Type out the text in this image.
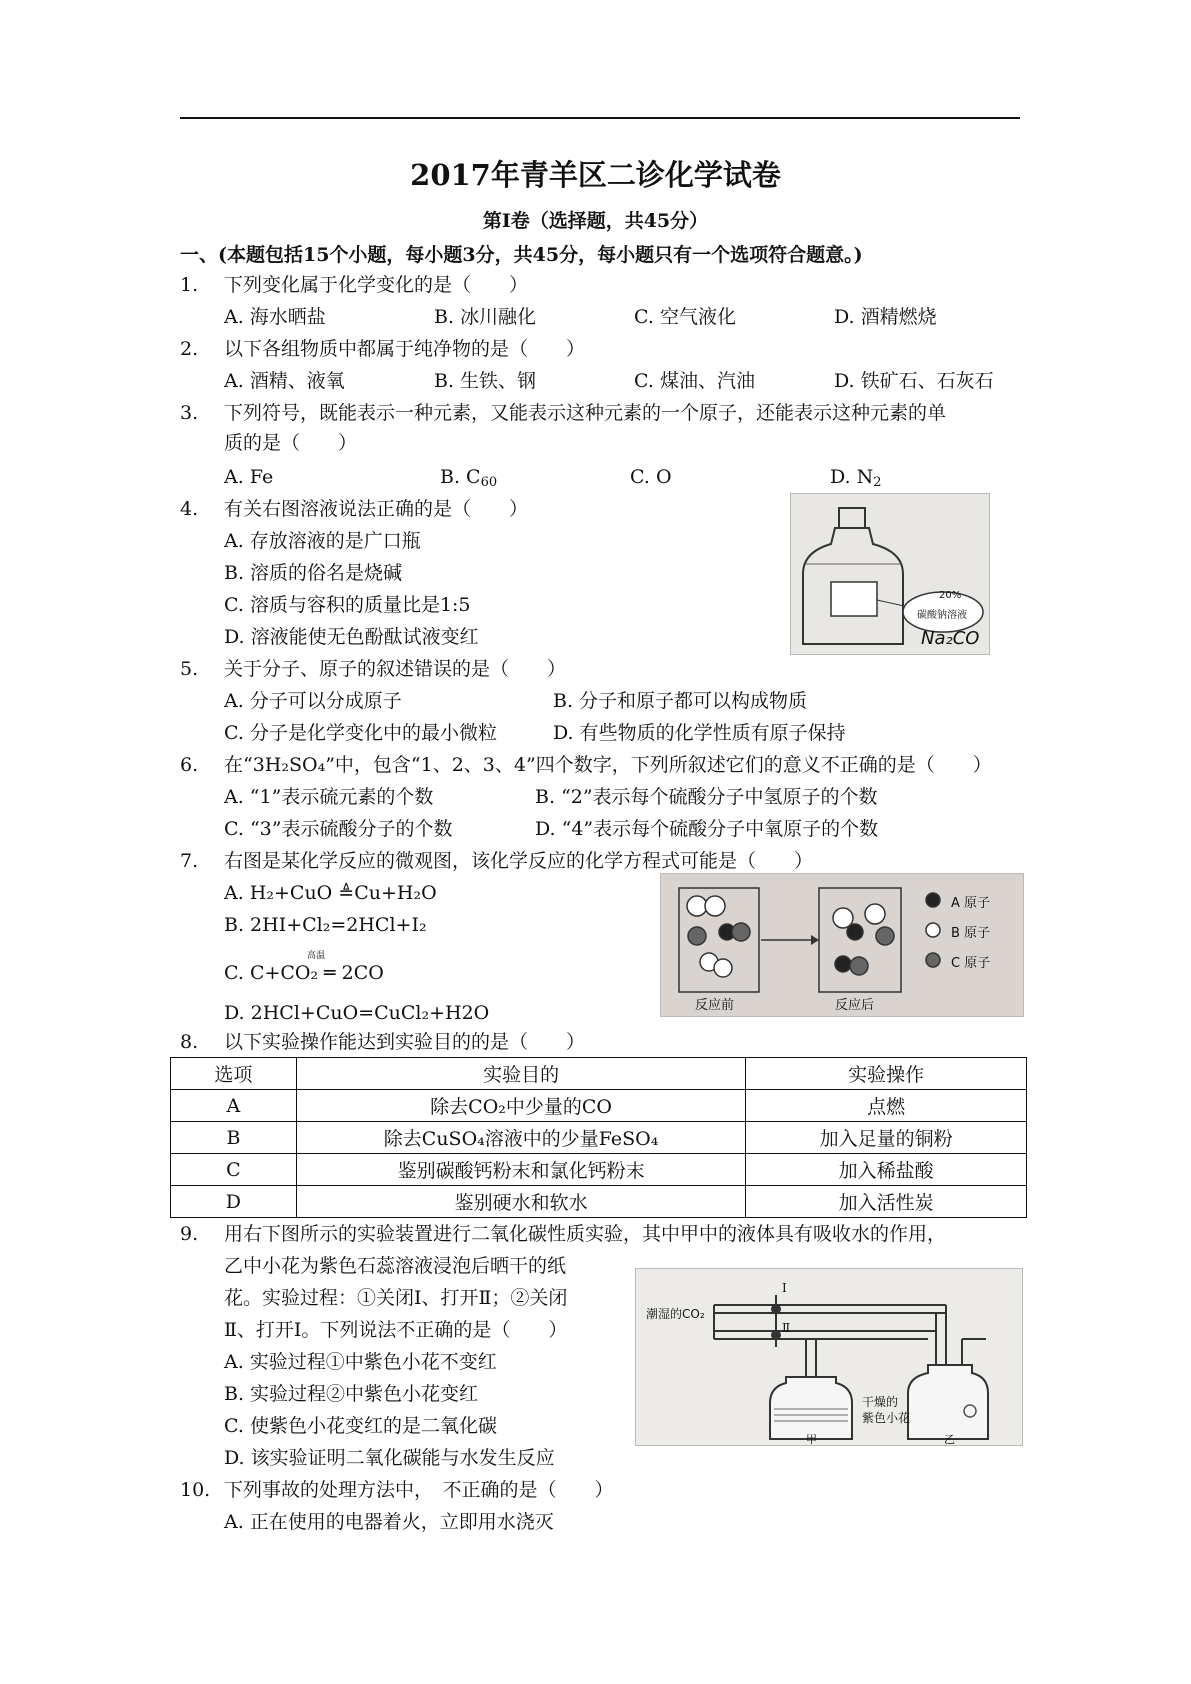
2017年青羊区二诊化学试卷
第Ⅰ卷（选择题，共45分）
一、(本题包括15个小题，每小题3分，共45分，每小题只有一个选项符合题意。)
1. 下列变化属于化学变化的是（　　）
A. 海水晒盐	B. 冰川融化	C. 空气液化	D. 酒精燃烧
2. 以下各组物质中都属于纯净物的是（　　）
A. 酒精、液氧	B. 生铁、钢	C. 煤油、汽油	D. 铁矿石、石灰石
3. 下列符号，既能表示一种元素，又能表示这种元素的一个原子，还能表示这种元素的单
质的是（　　）
A. Fe	B. $C_{60}$	C. O	D. $N_2$
4. 有关右图溶液说法正确的是（　　）
A. 存放溶液的是广口瓶
B. 溶质的俗名是烧碱
C. 溶质与容积的质量比是1:5
D. 溶液能使无色酚酞试液变红
20%
碳酸钠溶液
Na₂CO
5. 关于分子、原子的叙述错误的是（　　）
A. 分子可以分成原子	B. 分子和原子都可以构成物质
C. 分子是化学变化中的最小微粒	D. 有些物质的化学性质有原子保持
6. 在“3H₂SO₄”中，包含“1、2、3、4”四个数字，下列所叙述它们的意义不正确的是（　　）
A. “1”表示硫元素的个数	B. “2”表示每个硫酸分子中氢原子的个数
C. “3”表示硫酸分子的个数	D. “4”表示每个硫酸分子中氧原子的个数
7. 右图是某化学反应的微观图，该化学反应的化学方程式可能是（　　）
A. H₂+CuO ≜Cu+H₂O
B. 2HI+Cl₂=2HCl+I₂
高温
C. C+CO₂ ═ 2CO
D. 2HCl+CuO=CuCl₂+H2O
A 原子
B 原子
C 原子
反应前	反应后
8. 以下实验操作能达到实验目的的是（　　）
选项	实验目的	实验操作
A	除去CO₂中少量的CO	点燃
B	除去CuSO₄溶液中的少量FeSO₄	加入足量的铜粉
C	鉴别碳酸钙粉末和氯化钙粉末	加入稀盐酸
D	鉴别硬水和软水	加入活性炭
9. 用右下图所示的实验装置进行二氧化碳性质实验，其中甲中的液体具有吸收水的作用，
乙中小花为紫色石蕊溶液浸泡后晒干的纸
花。实验过程：①关闭Ⅰ、打开Ⅱ；②关闭
Ⅱ、打开Ⅰ。下列说法不正确的是（　　）
A. 实验过程①中紫色小花不变红
B. 实验过程②中紫色小花变红
C. 使紫色小花变红的是二氧化碳
D. 该实验证明二氧化碳能与水发生反应
潮湿的CO₂
Ⅰ
Ⅱ
干燥的
紫色小花
甲	乙
10. 下列事故的处理方法中，　不正确的是（　　）
A. 正在使用的电器着火，立即用水浇灭
